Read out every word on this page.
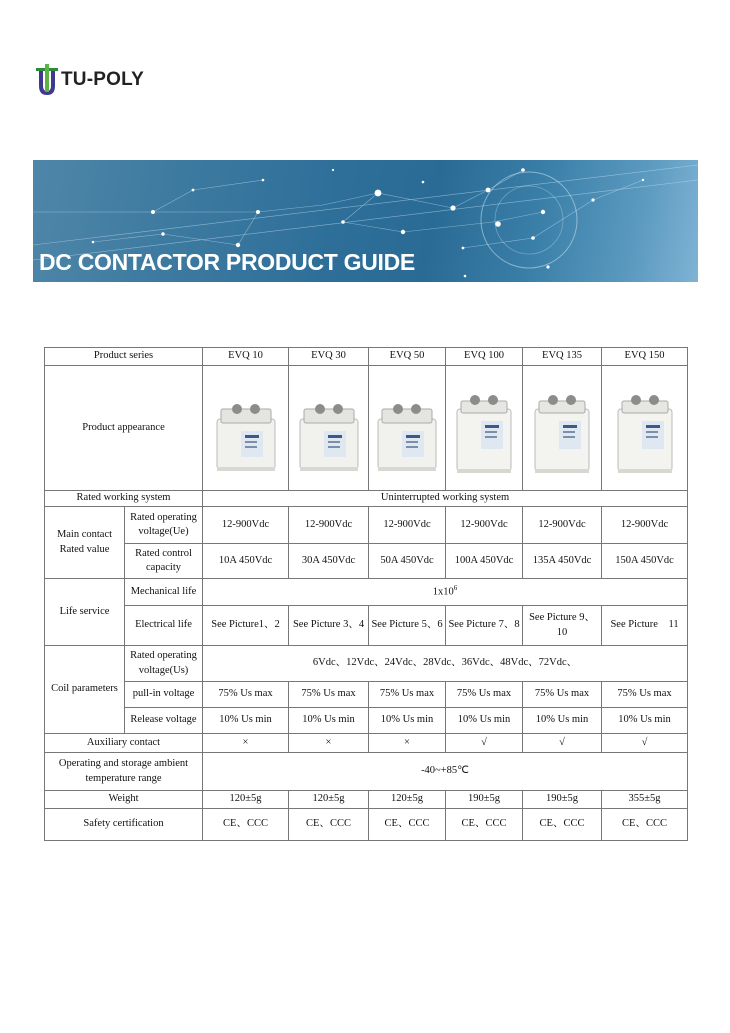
TU-POLY
DC CONTACTOR PRODUCT GUIDE
Product series		EVQ 10	EVQ 30	EVQ 50	EVQ 100	EVQ 135	EVQ 150
Product appearance	

Rated working system		Uninterrupted working system					
Main contact Rated value	Rated operating voltage(Ue)	12-900Vdc	12-900Vdc	12-900Vdc	12-900Vdc	12-900Vdc	12-900Vdc
	Rated control capacity	10A 450Vdc	30A 450Vdc	50A 450Vdc	100A 450Vdc	135A 450Vdc	150A 450Vdc
Life service	Mechanical life	$1x10^6$
	Electrical life	See Picture1、2	See Picture 3、4	See Picture 5、6	See Picture 7、8	See Picture 9、10	See Picture    11
Coil parameters	Rated operating voltage(Us)	6Vdc、12Vdc、24Vdc、28Vdc、36Vdc、48Vdc、72Vdc、					
	pull-in voltage	75% Us max	75% Us max	75% Us max	75% Us max	75% Us max	75% Us max
	Release voltage	10% Us min	10% Us min	10% Us min	10% Us min	10% Us min	10% Us min
Auxiliary contact		×	×	×	√	√	√
Operating and storage ambient temperature range		-40~+85℃					
Weight		120±5g	120±5g	120±5g	190±5g	190±5g	355±5g
Safety certification		CE、CCC	CE、CCC	CE、CCC	CE、CCC	CE、CCC	CE、CCC
